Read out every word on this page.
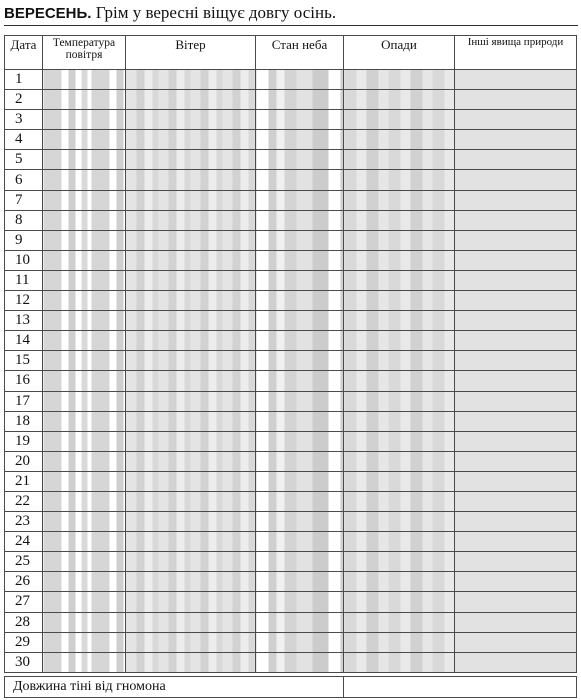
ВЕРЕСЕНЬ. Грім у вересні віщує довгу осінь.
Дата	Температура повітря	Вітер	Стан неба	Опади	Інші явища природи
1					
2					
3					
4					
5					
6					
7					
8					
9					
10					
11					
12					
13					
14					
15					
16					
17					
18					
19					
20					
21					
22					
23					
24					
25					
26					
27					
28					
29					
30					
Довжина тіні від гномона	
